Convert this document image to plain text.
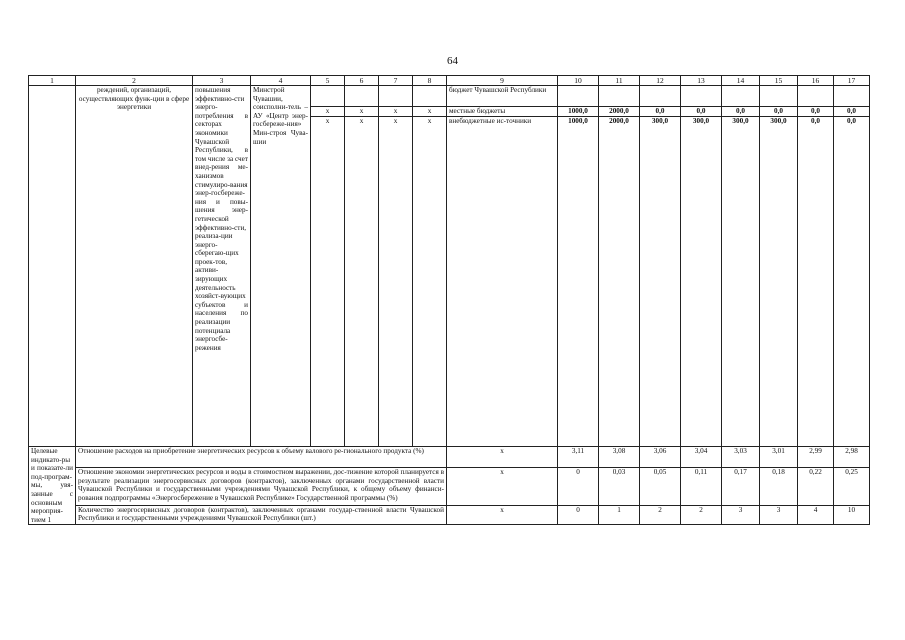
64
1	2	3	4	5	6	7	8	9	10	11	12	13	14	15	16	17
	реждений, организаций, осуществляющих функ-ции в сфере энергетики	повышения эффективно-сти энерго-потребления в секторах экономики Чувашской Республики, в том числе за счет внед-рения ме-ханизмов стимулиро-вания энер-госбереже-ния и повы-шения энер-гетической эффективно-сти, реализа-ции энерго-сберегаю-щих проек-тов, активи-зирующих деятельность хозяйст-вующих субъектов и населения по реализации потенциала энергосбе-режения	Минстрой Чувашии, соисполни-тель – АУ «Центр энер-госбереже-ния» Мин-строя Чува-шии					бюджет Чувашской Республики								
				x	x	x	x	местные бюджеты	1000,0	2000,0	0,0	0,0	0,0	0,0	0,0	0,0
				x	x	x	x	внебюджетные ис-точники	1000,0	2000,0	300,0	300,0	300,0	300,0	0,0	0,0
Целевые индикато-ры и показате-ли под-програм-мы, увя-занные с основным мероприя-тием 1	Отношение расходов на приобретение энергетических ресурсов к объему валового ре-гионального продукта (%)							x	3,11	3,08	3,06	3,04	3,03	3,01	2,99	2,98
	Отношение экономии энергетических ресурсов и воды в стоимостном выражении, дос-тижение которой планируется в результате реализации энергосервисных договоров (контрактов), заключенных органами государственной власти Чувашской Республики и государственными учреждениями Чувашской Республики, к общему объему финанси-рования подпрограммы «Энергосбережение в Чувашской Республике» Государственной программы (%)							x	0	0,03	0,05	0,11	0,17	0,18	0,22	0,25
	Количество энергосервисных договоров (контрактов), заключенных органами государ-ственной власти Чувашской Республики и государственными учреждениями Чувашской Республики (шт.)							x	0	1	2	2	3	3	4	10
